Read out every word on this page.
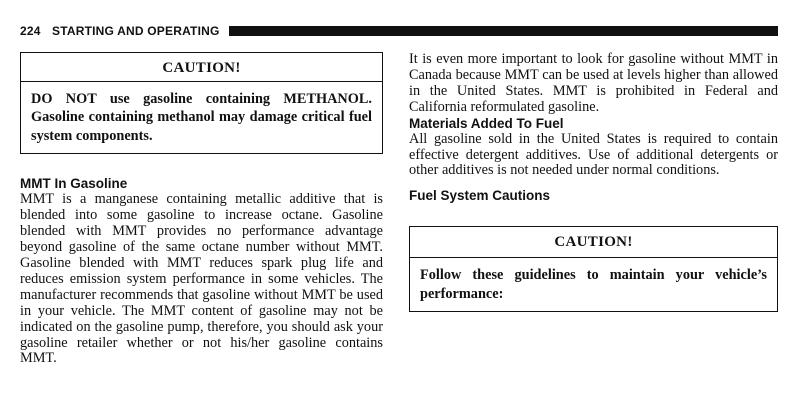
224 STARTING AND OPERATING
CAUTION!
DO NOT use gasoline containing METHANOL. Gasoline containing methanol may damage critical fuel system components.
MMT In Gasoline

MMT is a manganese containing metallic additive that is blended into some gasoline to increase octane. Gasoline blended with MMT provides no performance advantage beyond gasoline of the same octane number without MMT. Gasoline blended with MMT reduces spark plug life and reduces emission system performance in some vehicles. The manufacturer recommends that gasoline without MMT be used in your vehicle. The MMT content of gasoline may not be indicated on the gasoline pump, therefore, you should ask your gasoline retailer whether or not his/her gasoline contains MMT.

It is even more important to look for gasoline without MMT in Canada because MMT can be used at levels higher than allowed in the United States. MMT is prohibited in Federal and California reformulated gasoline.

Materials Added To Fuel

All gasoline sold in the United States is required to contain effective detergent additives. Use of additional detergents or other additives is not needed under normal conditions.

Fuel System Cautions
CAUTION!
Follow these guidelines to maintain your vehicle’s performance:
